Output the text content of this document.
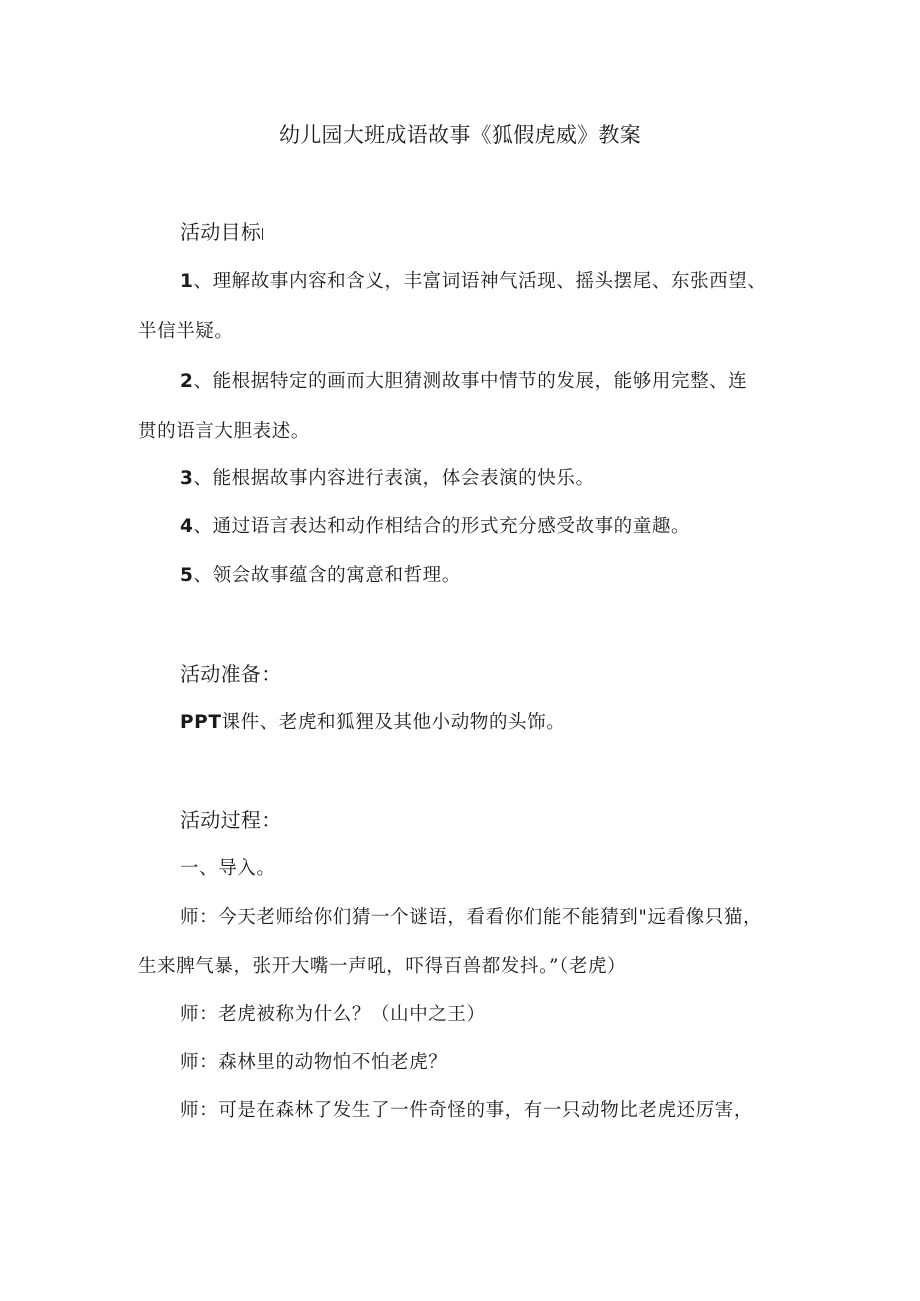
幼儿园大班成语故事《狐假虎威》教案
活动目标
1、理解故事内容和含义，丰富词语神气活现、摇头摆尾、东张西望、
半信半疑。
2、能根据特定的画而大胆猜测故事中情节的发展，能够用完整、连
贯的语言大胆表述。
3、能根据故事内容进行表演，体会表演的快乐。
4、通过语言表达和动作相结合的形式充分感受故事的童趣。
5、领会故事蕴含的寓意和哲理。
活动准备：
PPT课件、老虎和狐狸及其他小动物的头饰。
活动过程：
一、导入。
师：今天老师给你们猜一个谜语，看看你们能不能猜到"远看像只猫，
生来脾气暴，张开大嘴一声吼，吓得百兽都发抖。”（老虎）
师：老虎被称为什么？（山中之王）
师：森林里的动物怕不怕老虎？
师：可是在森林了发生了一件奇怪的事，有一只动物比老虎还厉害，
